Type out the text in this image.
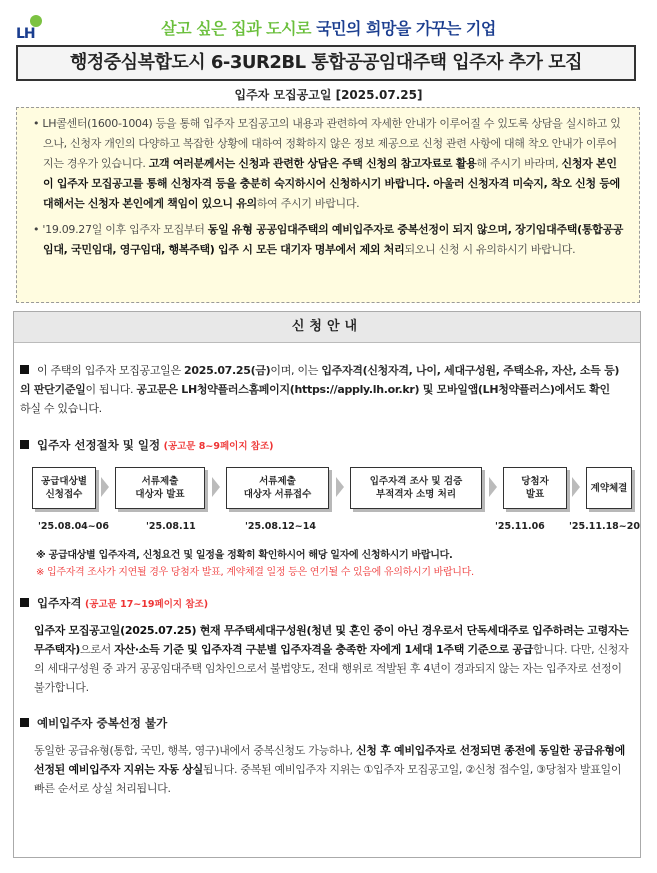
LH	살고 싶은 집과 도시로 국민의 희망을 가꾸는 기업
행정중심복합도시 6-3UR2BL 통합공공임대주택 입주자 추가 모집
입주자 모집공고일 [2025.07.25]

• LH콜센터(1600-1004) 등을 통해 입주자 모집공고의 내용과 관련하여 자세한 안내가 이루어질 수 있도록 상담을 실시하고 있으나, 신청자 개인의 다양하고 복잡한 상황에 대하여 정확하지 않은 정보 제공으로 신청 관련 사항에 대해 착오 안내가 이루어지는 경우가 있습니다. 고객 여러분께서는 신청과 관련한 상담은 주택 신청의 참고자료로 활용해 주시기 바라며, 신청자 본인이 입주자 모집공고를 통해 신청자격 등을 충분히 숙지하시어 신청하시기 바랍니다. 아울러 신청자격 미숙지, 착오 신청 등에 대해서는 신청자 본인에게 책임이 있으니 유의하여 주시기 바랍니다.

• '19.09.27일 이후 입주자 모집부터 동일 유형 공공임대주택의 예비입주자로 중복선정이 되지 않으며, 장기임대주택(통합공공임대, 국민임대, 영구임대, 행복주택) 입주 시 모든 대기자 명부에서 제외 처리되오니 신청 시 유의하시기 바랍니다.

신청안내
이 주택의 입주자 모집공고일은 2025.07.25(금)이며, 이는 입주자격(신청자격, 나이, 세대구성원, 주택소유, 자산, 소득 등)의 판단기준일이 됩니다. 공고문은 LH청약플러스홈페이지(https://apply.lh.or.kr) 및 모바일앱(LH청약플러스)에서도 확인하실 수 있습니다.
입주자 선정절차 및 일정 (공고문 8~9페이지 참조)
공급대상별
신청접수
서류제출
대상자 발표
서류제출
대상자 서류접수
입주자격 조사 및 검증
부적격자 소명 처리
당첨자
발표
계약체결
'25.08.04~06	'25.08.11	'25.08.12~14	'25.11.06	'25.11.18~20
※ 공급대상별 입주자격, 신청요건 및 일정을 정확히 확인하시어 해당 일자에 신청하시기 바랍니다.
※ 입주자격 조사가 지연될 경우 당첨자 발표, 계약체결 일정 등은 연기될 수 있음에 유의하시기 바랍니다.
입주자격 (공고문 17~19페이지 참조)
입주자 모집공고일(2025.07.25) 현재 무주택세대구성원(청년 및 혼인 중이 아닌 경우로서 단독세대주로 입주하려는 고령자는 무주택자)으로서 자산·소득 기준 및 입주자격 구분별 입주자격을 충족한 자에게 1세대 1주택 기준으로 공급합니다. 다만, 신청자의 세대구성원 중 과거 공공임대주택 임차인으로서 불법양도, 전대 행위로 적발된 후 4년이 경과되지 않는 자는 입주자로 선정이 불가합니다.
예비입주자 중복선정 불가
동일한 공급유형(통합, 국민, 행복, 영구)내에서 중복신청도 가능하나, 신청 후 예비입주자로 선정되면 종전에 동일한 공급유형에 선정된 예비입주자 지위는 자동 상실됩니다. 중복된 예비입주자 지위는 ①입주자 모집공고일, ②신청 접수일, ③당첨자 발표일이 빠른 순서로 상실 처리됩니다.
